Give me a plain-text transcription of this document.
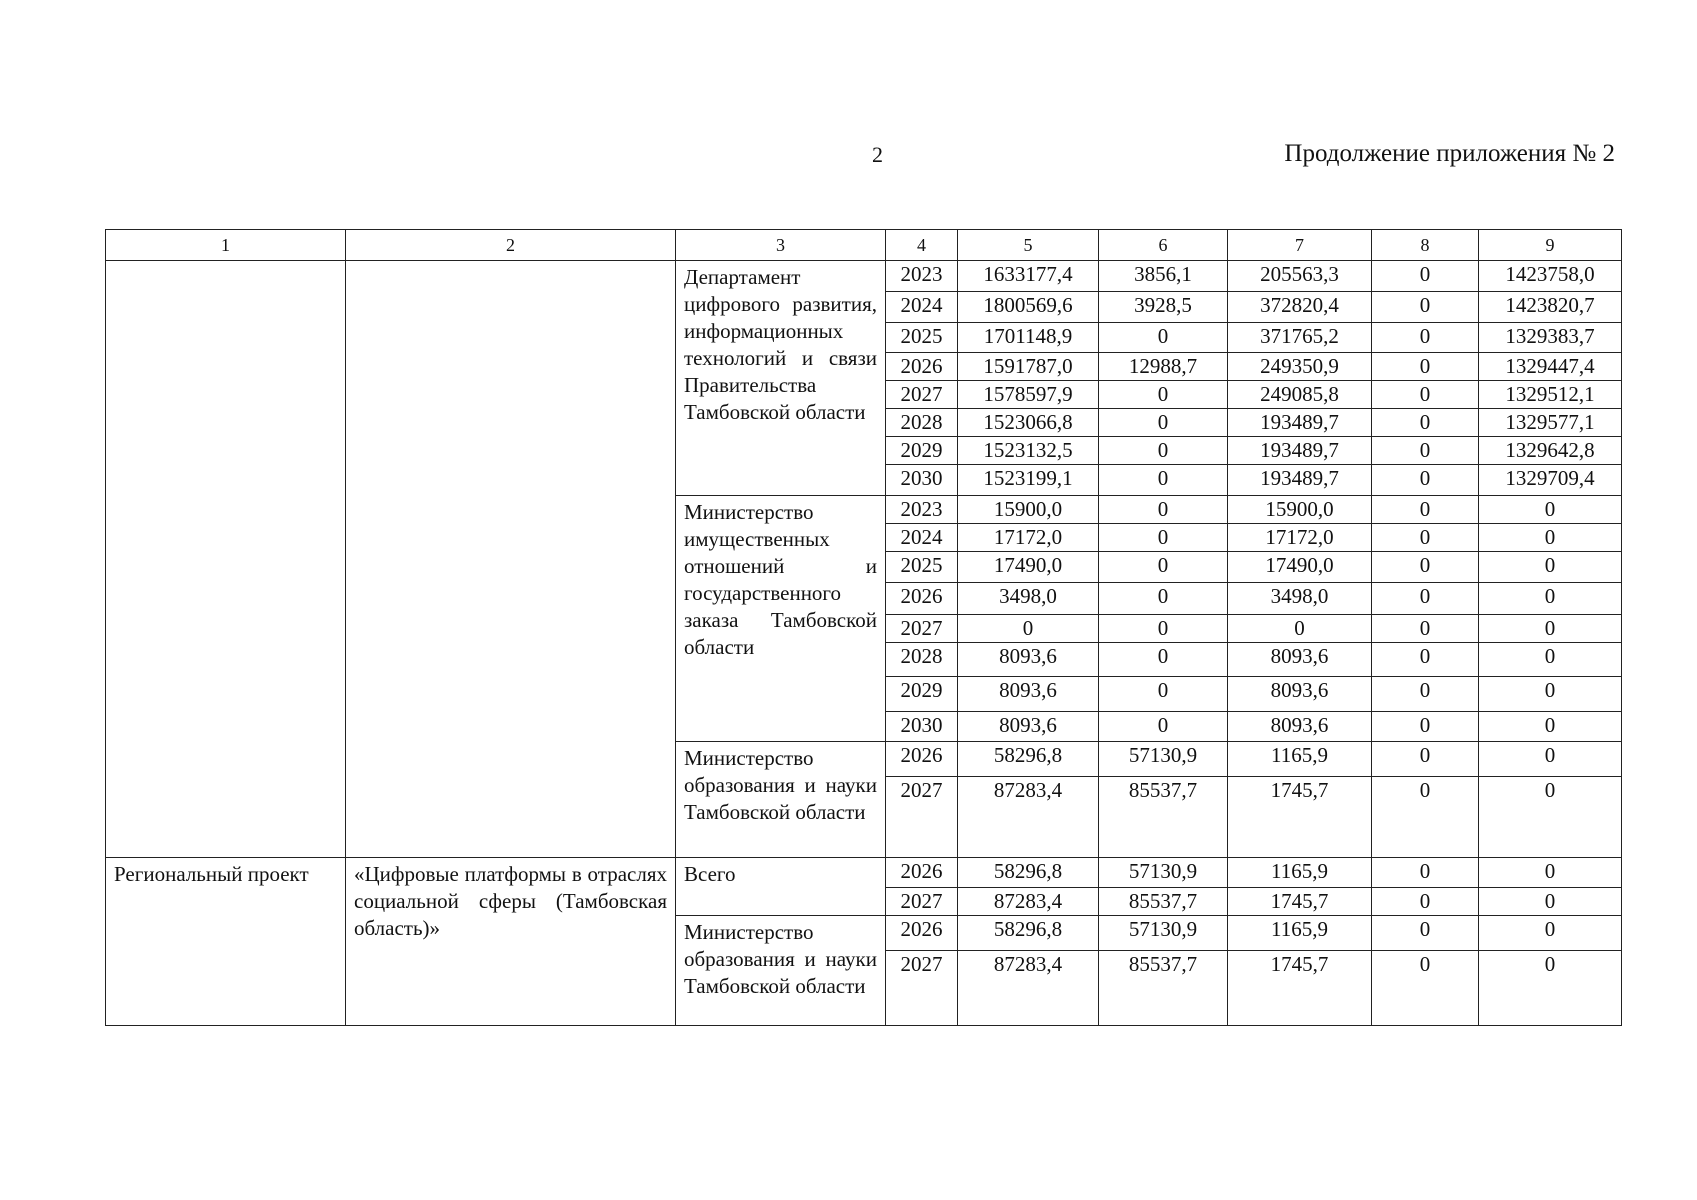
2	Продолжение приложения № 2
1	2	3	4	5	6	7	8	9
		Департамент цифрового развития, информационных технологий и связи Правительства Тамбовской области	2023	1633177,4	3856,1	205563,3	0	1423758,0
			2024	1800569,6	3928,5	372820,4	0	1423820,7
			2025	1701148,9	0	371765,2	0	1329383,7
			2026	1591787,0	12988,7	249350,9	0	1329447,4
			2027	1578597,9	0	249085,8	0	1329512,1
			2028	1523066,8	0	193489,7	0	1329577,1
			2029	1523132,5	0	193489,7	0	1329642,8
			2030	1523199,1	0	193489,7	0	1329709,4
		Министерство имущественных отношений и государственного заказа Тамбовской области	2023	15900,0	0	15900,0	0	0
			2024	17172,0	0	17172,0	0	0
			2025	17490,0	0	17490,0	0	0
			2026	3498,0	0	3498,0	0	0
			2027	0	0	0	0	0
			2028	8093,6	0	8093,6	0	0
			2029	8093,6	0	8093,6	0	0
			2030	8093,6	0	8093,6	0	0
		Министерство образования и науки Тамбовской области	2026	58296,8	57130,9	1165,9	0	0
			2027	87283,4	85537,7	1745,7	0	0
Региональный проект	«Цифровые платформы в отраслях социальной сферы (Тамбовская область)»	Всего	2026	58296,8	57130,9	1165,9	0	0
			2027	87283,4	85537,7	1745,7	0	0
		Министерство образования и науки Тамбовской области	2026	58296,8	57130,9	1165,9	0	0
			2027	87283,4	85537,7	1745,7	0	0
